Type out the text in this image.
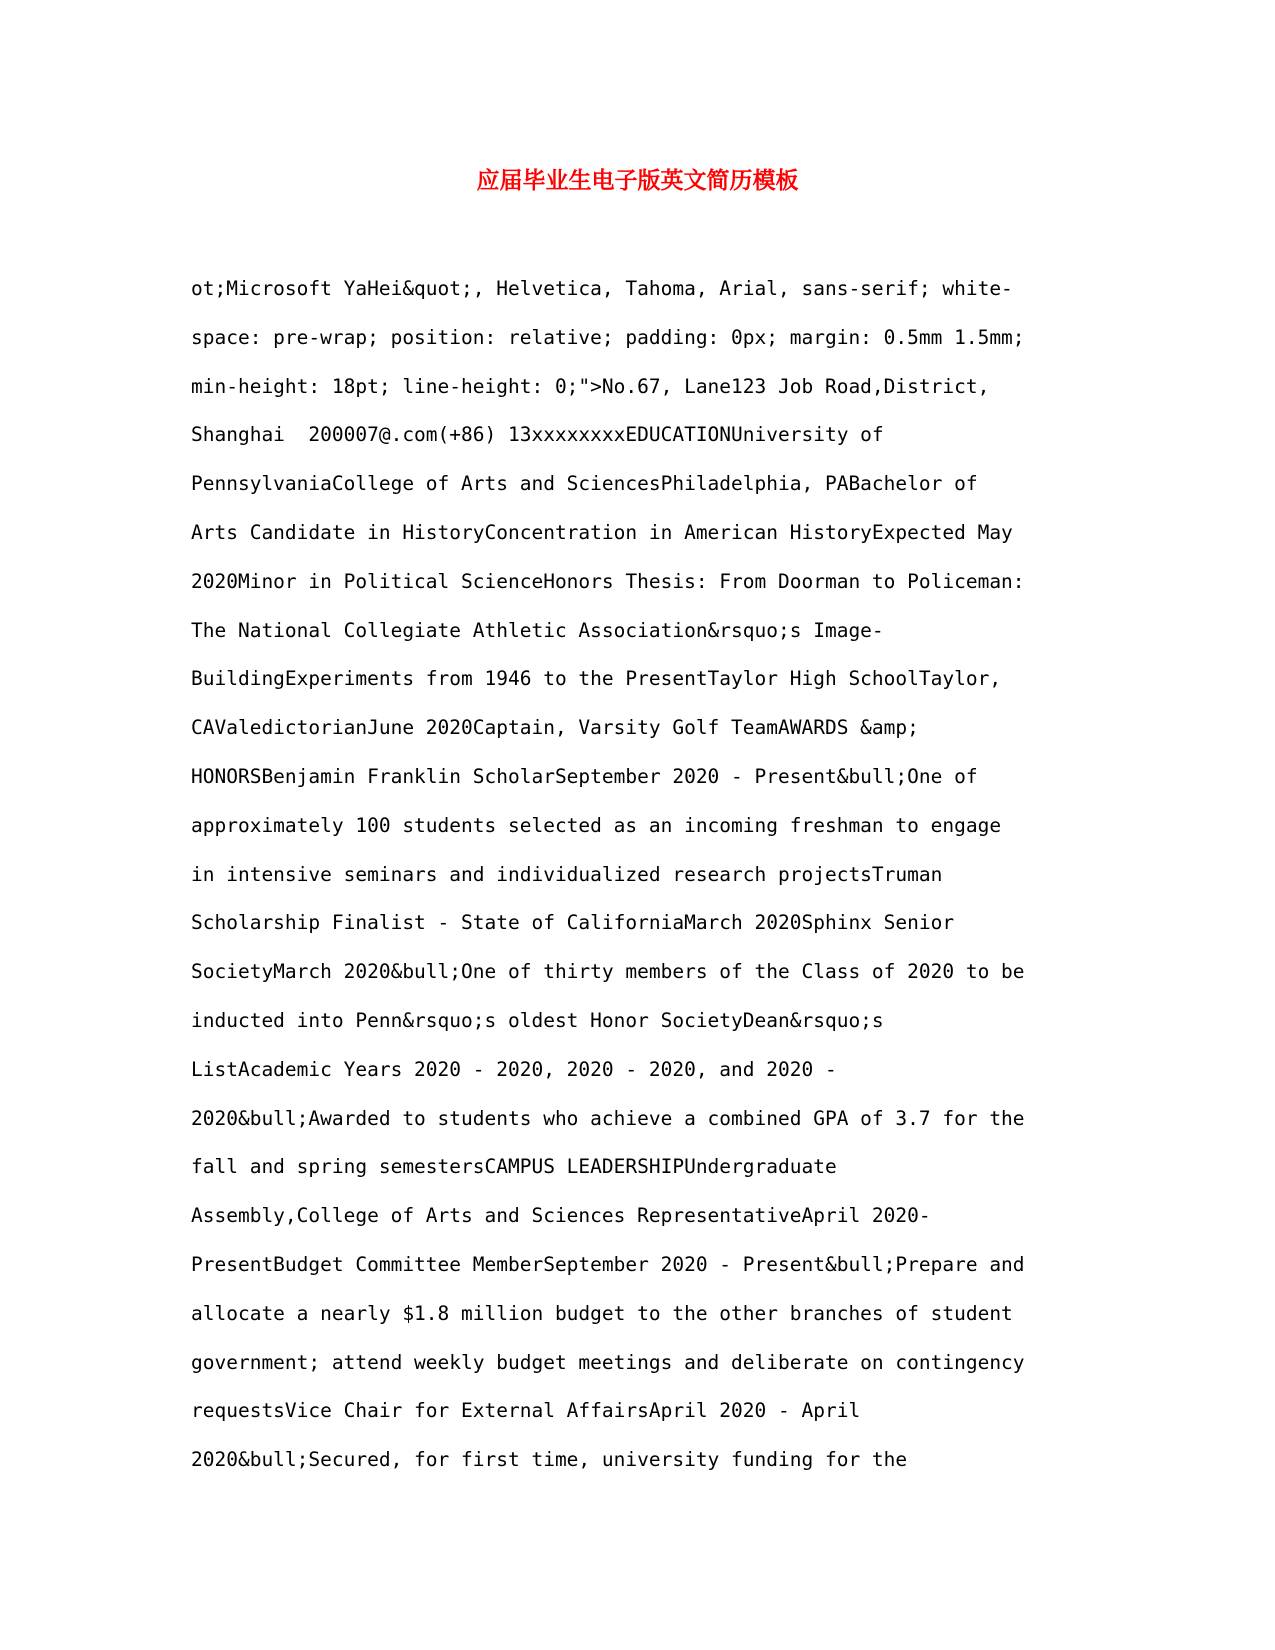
应届毕业生电子版英文简历模板
ot;Microsoft YaHei&quot;, Helvetica, Tahoma, Arial, sans-serif; white-
space: pre-wrap; position: relative; padding: 0px; margin: 0.5mm 1.5mm;
min-height: 18pt; line-height: 0;">No.67, Lane123 Job Road,District,
Shanghai  200007@.com(+86) 13xxxxxxxxEDUCATIONUniversity of
PennsylvaniaCollege of Arts and SciencesPhiladelphia, PABachelor of
Arts Candidate in HistoryConcentration in American HistoryExpected May
2020Minor in Political ScienceHonors Thesis: From Doorman to Policeman:
The National Collegiate Athletic Association&rsquo;s Image-
BuildingExperiments from 1946 to the PresentTaylor High SchoolTaylor,
CAValedictorianJune 2020Captain, Varsity Golf TeamAWARDS &amp;
HONORSBenjamin Franklin ScholarSeptember 2020 - Present&bull;One of
approximately 100 students selected as an incoming freshman to engage
in intensive seminars and individualized research projectsTruman
Scholarship Finalist - State of CaliforniaMarch 2020Sphinx Senior
SocietyMarch 2020&bull;One of thirty members of the Class of 2020 to be
inducted into Penn&rsquo;s oldest Honor SocietyDean&rsquo;s
ListAcademic Years 2020 - 2020, 2020 - 2020, and 2020 -
2020&bull;Awarded to students who achieve a combined GPA of 3.7 for the
fall and spring semestersCAMPUS LEADERSHIPUndergraduate
Assembly,College of Arts and Sciences RepresentativeApril 2020-
PresentBudget Committee MemberSeptember 2020 - Present&bull;Prepare and
allocate a nearly $1.8 million budget to the other branches of student
government; attend weekly budget meetings and deliberate on contingency
requestsVice Chair for External AffairsApril 2020 - April
2020&bull;Secured, for first time, university funding for the
